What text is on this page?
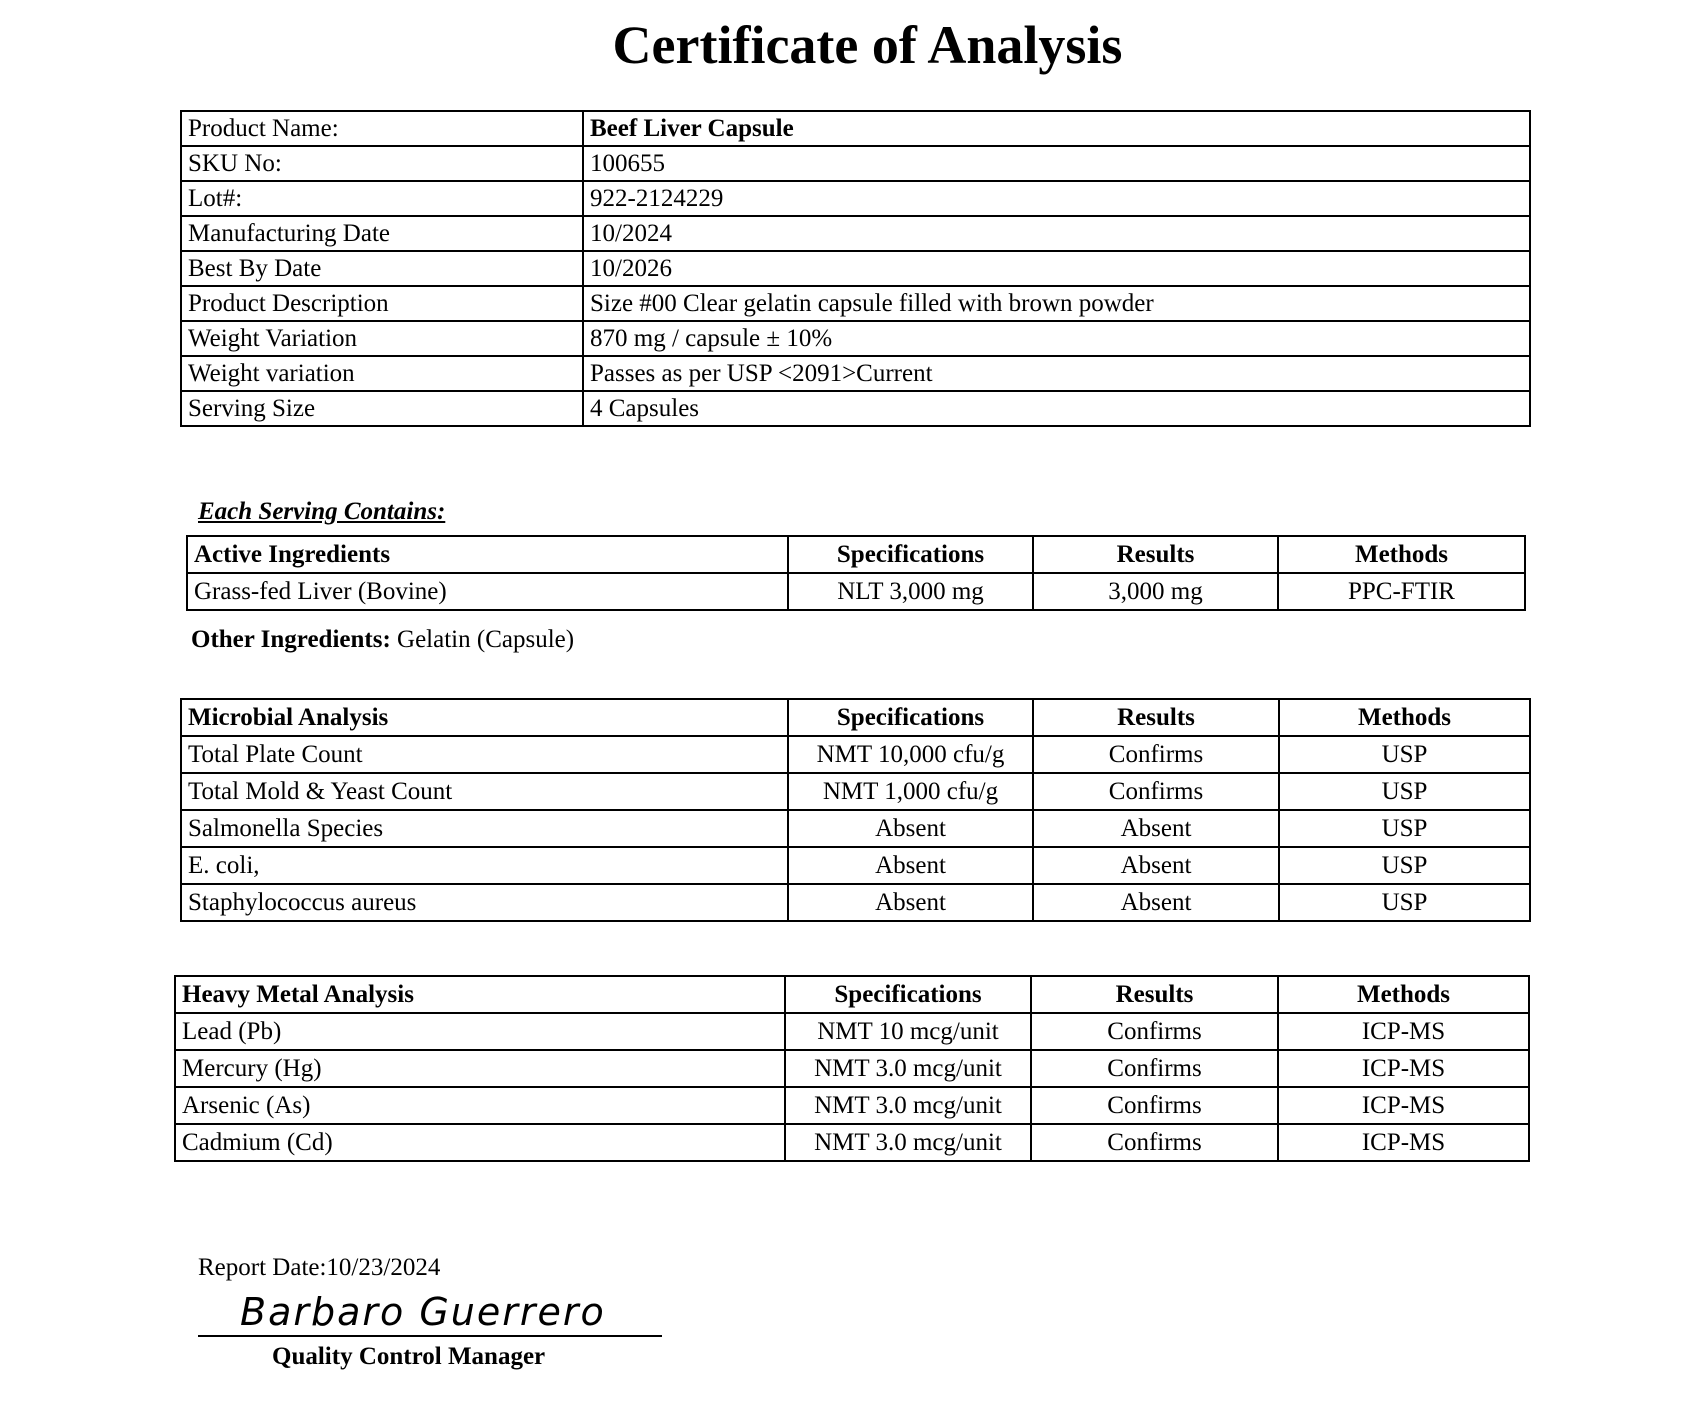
Certificate of Analysis
Product Name:	Beef Liver Capsule
SKU No:	100655
Lot#:	922-2124229
Manufacturing Date	10/2024
Best By Date	10/2026
Product Description	Size #00 Clear gelatin capsule filled with brown powder
Weight Variation	870 mg / capsule ± 10%
Weight variation	Passes as per USP <2091>Current
Serving Size	4 Capsules
Each Serving Contains:
Active Ingredients	Specifications	Results	Methods
Grass-fed Liver (Bovine)	NLT 3,000 mg	3,000 mg	PPC-FTIR
Other Ingredients: Gelatin (Capsule)
Microbial Analysis	Specifications	Results	Methods
Total Plate Count	NMT 10,000 cfu/g	Confirms	USP
Total Mold & Yeast Count	NMT 1,000 cfu/g	Confirms	USP
Salmonella Species	Absent	Absent	USP
E. coli,	Absent	Absent	USP
Staphylococcus aureus	Absent	Absent	USP
Heavy Metal Analysis	Specifications	Results	Methods
Lead (Pb)	NMT 10 mcg/unit	Confirms	ICP-MS
Mercury (Hg)	NMT 3.0 mcg/unit	Confirms	ICP-MS
Arsenic (As)	NMT 3.0 mcg/unit	Confirms	ICP-MS
Cadmium (Cd)	NMT 3.0 mcg/unit	Confirms	ICP-MS
Report Date:10/23/2024
Barbaro Guerrero
Quality Control Manager
